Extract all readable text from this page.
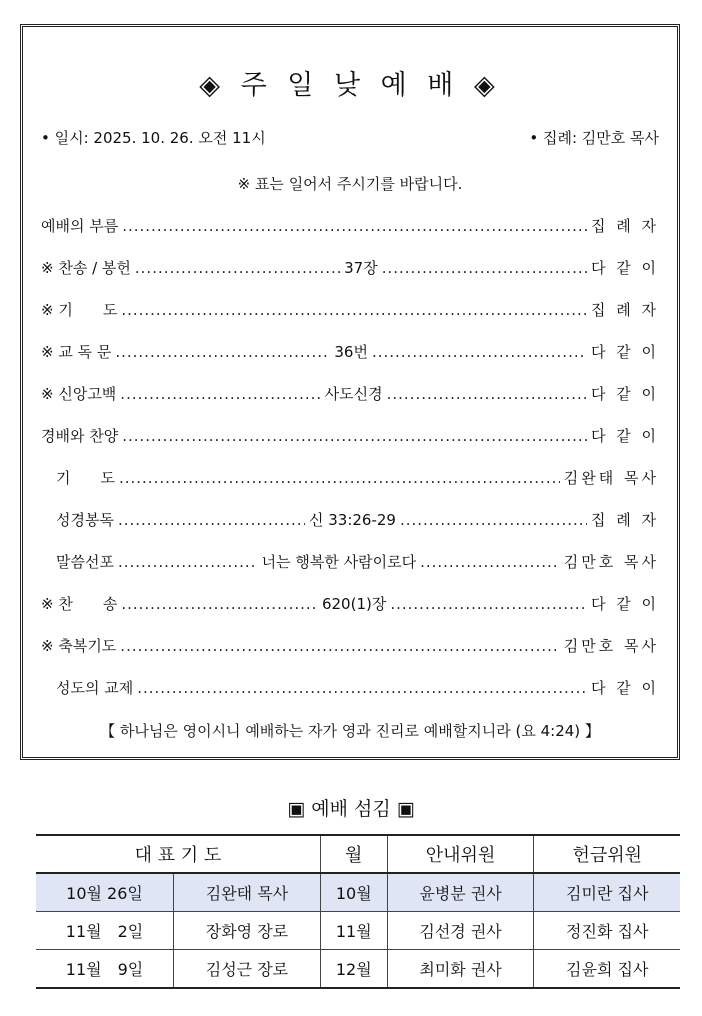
◈ 주 일 낮 예 배 ◈
• 일시: 2025. 10. 26. 오전 11시	• 집례: 김만호 목사
※ 표는 일어서 주시기를 바랍니다.
예배의 부름 .....	집 례 자
※ 찬송 / 봉헌 .....	37장 .....	다 같 이
※ 기　　도 .....	집 례 자
※ 교 독 문 .....	36번 .....	다 같 이
※ 신앙고백 .....	사도신경 .....	다 같 이
경배와 찬양 .....	다 같 이
　기　　도 .....	김완태 목사
　성경봉독 .....	신 33:26-29 .....	집 례 자
　말씀선포 .....	너는 행복한 사람이로다 .....	김만호 목사
※ 찬　　송 .....	620(1)장 .....	다 같 이
※ 축복기도 .....	김만호 목사
　성도의 교제 .....	다 같 이
【 하나님은 영이시니 예배하는 자가 영과 진리로 예배할지니라 (요 4:24) 】
▣ 예배 섬김 ▣
대 표 기 도		월	안내위원	헌금위원
10월 26일	김완태 목사	10월	윤병분 권사	김미란 집사
11월　2일	장화영 장로	11월	김선경 권사	정진화 집사
11월　9일	김성근 장로	12월	최미화 권사	김윤희 집사
